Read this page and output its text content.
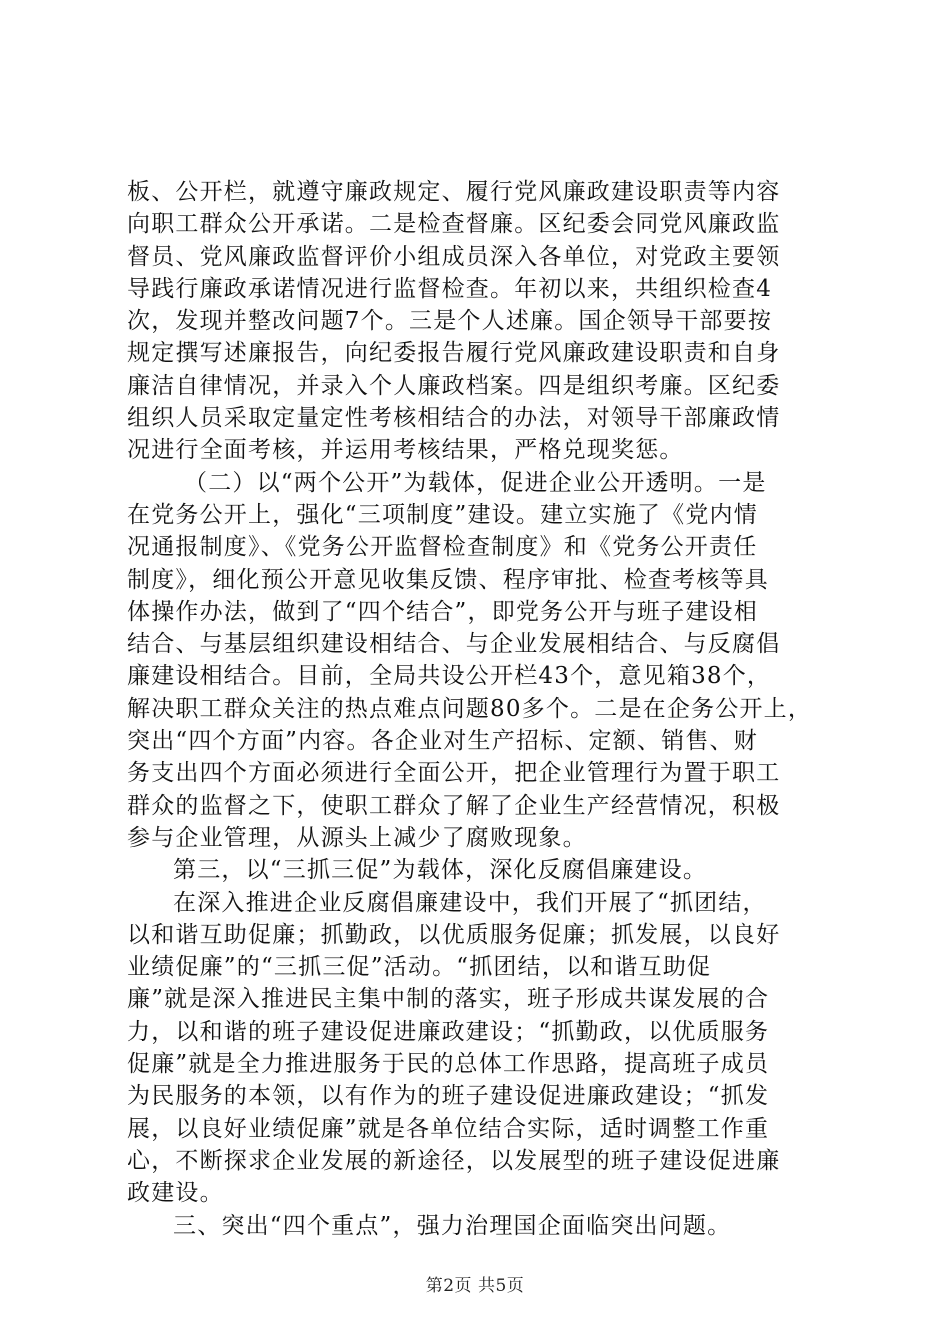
板、公开栏，就遵守廉政规定、履行党风廉政建设职责等内容
向职工群众公开承诺。二是检查督廉。区纪委会同党风廉政监
督员、党风廉政监督评价小组成员深入各单位，对党政主要领
导践行廉政承诺情况进行监督检查。年初以来，共组织检查4
次，发现并整改问题7个。三是个人述廉。国企领导干部要按
规定撰写述廉报告，向纪委报告履行党风廉政建设职责和自身
廉洁自律情况，并录入个人廉政档案。四是组织考廉。区纪委
组织人员采取定量定性考核相结合的办法，对领导干部廉政情
况进行全面考核，并运用考核结果，严格兑现奖惩。
（二）以“两个公开”为载体，促进企业公开透明。一是
在党务公开上，强化“三项制度”建设。建立实施了《党内情
况通报制度》、《党务公开监督检查制度》和《党务公开责任
制度》，细化预公开意见收集反馈、程序审批、检查考核等具
体操作办法，做到了“四个结合”，即党务公开与班子建设相
结合、与基层组织建设相结合、与企业发展相结合、与反腐倡
廉建设相结合。目前，全局共设公开栏43个，意见箱38个，
解决职工群众关注的热点难点问题80多个。二是在企务公开上，
突出“四个方面”内容。各企业对生产招标、定额、销售、财
务支出四个方面必须进行全面公开，把企业管理行为置于职工
群众的监督之下，使职工群众了解了企业生产经营情况，积极
参与企业管理，从源头上减少了腐败现象。
第三，以“三抓三促”为载体，深化反腐倡廉建设。
在深入推进企业反腐倡廉建设中，我们开展了“抓团结，
以和谐互助促廉；抓勤政，以优质服务促廉；抓发展，以良好
业绩促廉”的“三抓三促”活动。“抓团结，以和谐互助促
廉”就是深入推进民主集中制的落实，班子形成共谋发展的合
力，以和谐的班子建设促进廉政建设；“抓勤政，以优质服务
促廉”就是全力推进服务于民的总体工作思路，提高班子成员
为民服务的本领，以有作为的班子建设促进廉政建设；“抓发
展，以良好业绩促廉”就是各单位结合实际，适时调整工作重
心，不断探求企业发展的新途径，以发展型的班子建设促进廉
政建设。
三、突出“四个重点”，强力治理国企面临突出问题。
第2页 共5页
